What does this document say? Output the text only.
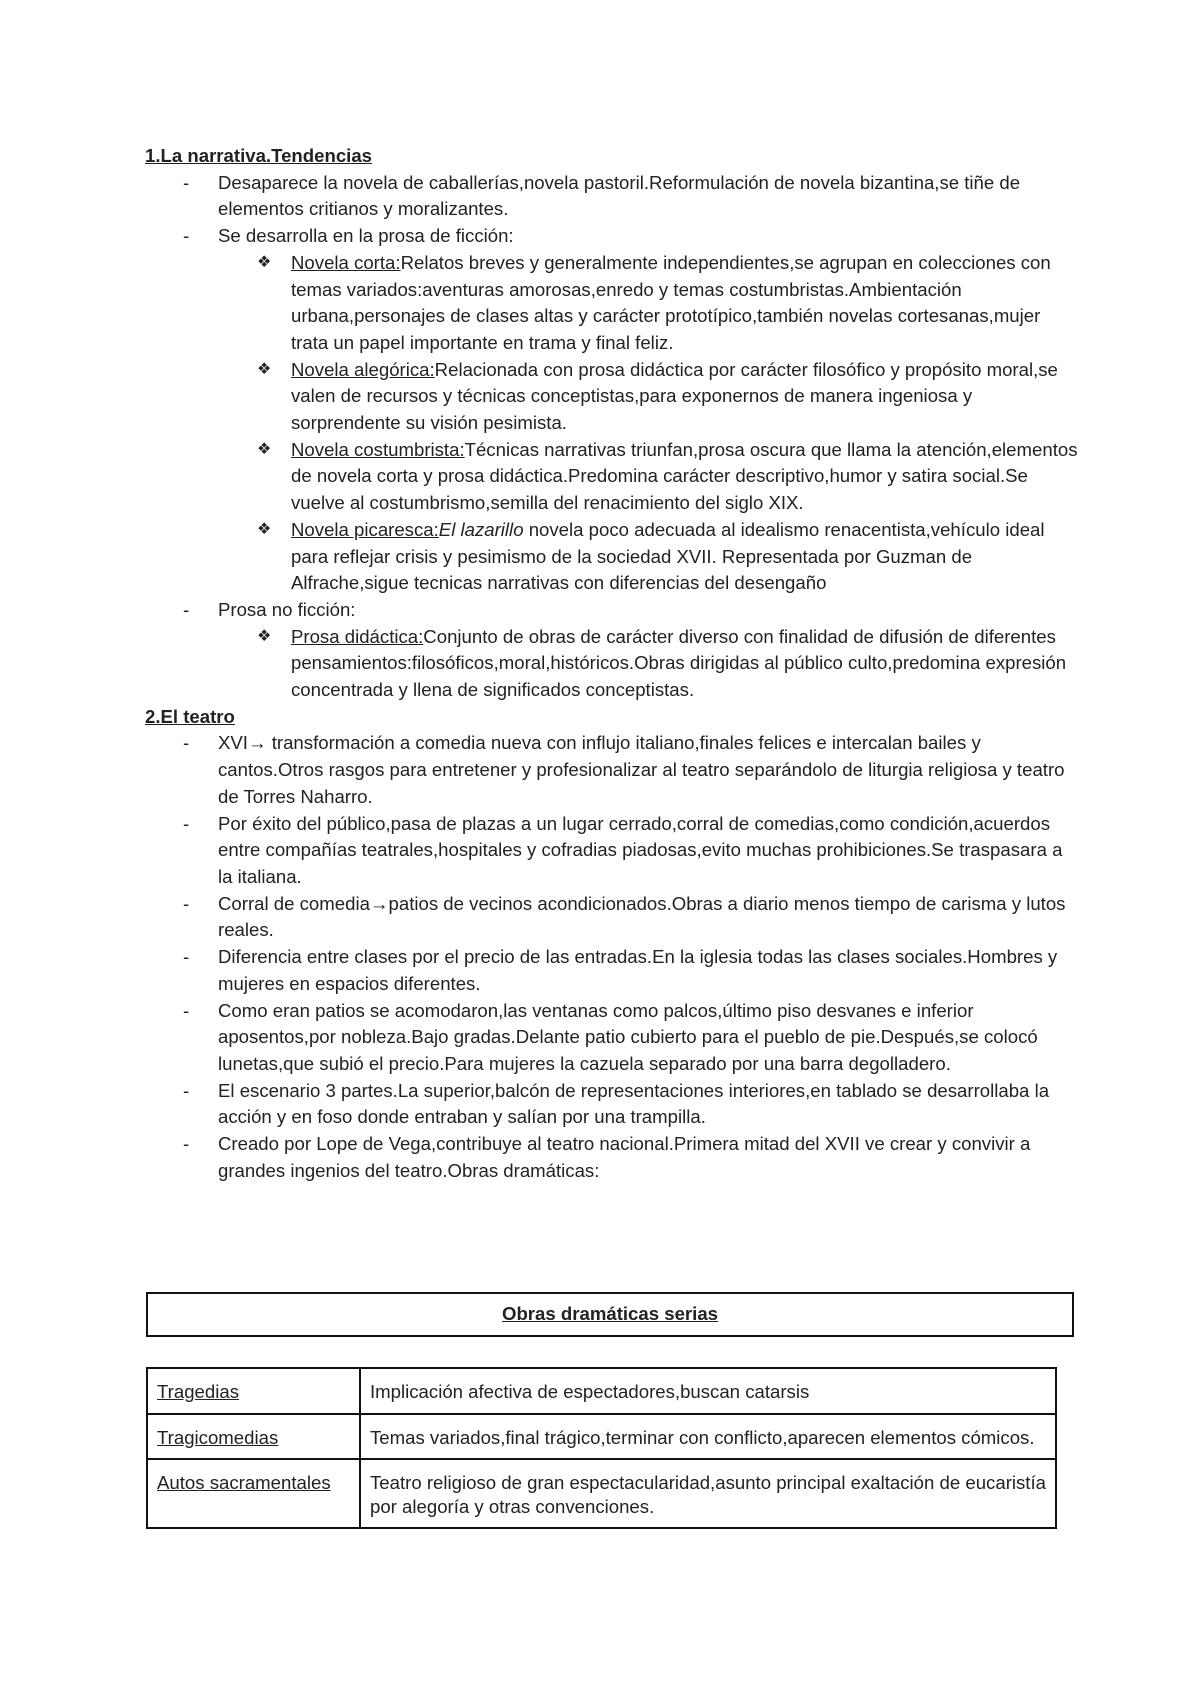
1.La narrativa.Tendencias
- Desaparece la novela de caballerías,novela pastoril.Reformulación de novela bizantina,se tiñe de elementos critianos y moralizantes.
- Se desarrolla en la prosa de ficción:
❖ Novela corta:Relatos breves y generalmente independientes,se agrupan en colecciones con temas variados:aventuras amorosas,enredo y temas costumbristas.Ambientación urbana,personajes de clases altas y carácter prototípico,también novelas cortesanas,mujer trata un papel importante en trama y final feliz.
❖ Novela alegórica:Relacionada con prosa didáctica por carácter filosófico y propósito moral,se valen de recursos y técnicas conceptistas,para exponernos de manera ingeniosa y sorprendente su visión pesimista.
❖ Novela costumbrista:Técnicas narrativas triunfan,prosa oscura que llama la atención,elementos de novela corta y prosa didáctica.Predomina carácter descriptivo,humor y satira social.Se vuelve al costumbrismo,semilla del renacimiento del siglo XIX.
❖ Novela picaresca:El lazarillo novela poco adecuada al idealismo renacentista,vehículo ideal para reflejar crisis y pesimismo de la sociedad XVII. Representada por Guzman de Alfrache,sigue tecnicas narrativas con diferencias del desengaño
- Prosa no ficción:
❖ Prosa didáctica:Conjunto de obras de carácter diverso con finalidad de difusión de diferentes pensamientos:filosóficos,moral,históricos.Obras dirigidas al público culto,predomina expresión concentrada y llena de significados conceptistas.
2.El teatro
- XVI→ transformación a comedia nueva con influjo italiano,finales felices e intercalan bailes y cantos.Otros rasgos para entretener y profesionalizar al teatro separándolo de liturgia religiosa y teatro de Torres Naharro.
- Por éxito del público,pasa de plazas a un lugar cerrado,corral de comedias,como condición,acuerdos entre compañías teatrales,hospitales y cofradias piadosas,evito muchas prohibiciones.Se traspasara a la italiana.
- Corral de comedia→patios de vecinos acondicionados.Obras a diario menos tiempo de carisma y lutos reales.
- Diferencia entre clases por el precio de las entradas.En la iglesia todas las clases sociales.Hombres y mujeres en espacios diferentes.
- Como eran patios se acomodaron,las ventanas como palcos,último piso desvanes e inferior aposentos,por nobleza.Bajo gradas.Delante patio cubierto para el pueblo de pie.Después,se colocó lunetas,que subió el precio.Para mujeres la cazuela separado por una barra degolladero.
- El escenario 3 partes.La superior,balcón de representaciones interiores,en tablado se desarrollaba la acción y en foso donde entraban y salían por una trampilla.
- Creado por Lope de Vega,contribuye al teatro nacional.Primera mitad del XVII ve crear y convivir a grandes ingenios del teatro.Obras dramáticas:
Obras dramáticas serias
Tragedias	Implicación afectiva de espectadores,buscan catarsis
Tragicomedias	Temas variados,final trágico,terminar con conflicto,aparecen elementos cómicos.
Autos sacramentales	Teatro religioso de gran espectacularidad,asunto principal exaltación de eucaristía por alegoría y otras convenciones.
